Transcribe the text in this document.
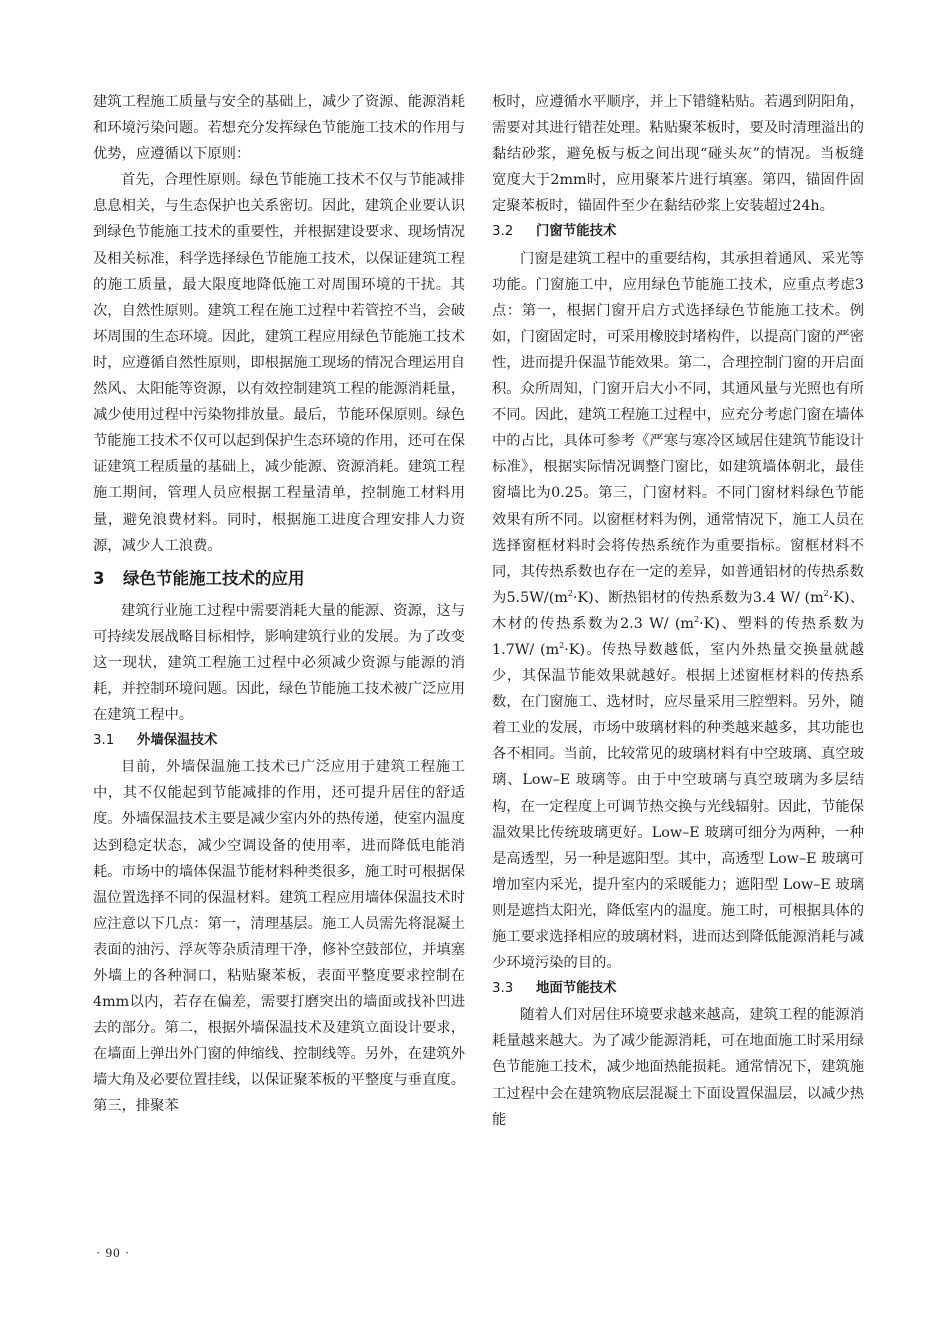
建筑工程施工质量与安全的基础上，减少了资源、能源消耗和环境污染问题。若想充分发挥绿色节能施工技术的作用与优势，应遵循以下原则：

首先，合理性原则。绿色节能施工技术不仅与节能减排息息相关，与生态保护也关系密切。因此，建筑企业要认识到绿色节能施工技术的重要性，并根据建设要求、现场情况及相关标准，科学选择绿色节能施工技术，以保证建筑工程的施工质量，最大限度地降低施工对周围环境的干扰。其次，自然性原则。建筑工程在施工过程中若管控不当，会破坏周围的生态环境。因此，建筑工程应用绿色节能施工技术时，应遵循自然性原则，即根据施工现场的情况合理运用自然风、太阳能等资源，以有效控制建筑工程的能源消耗量，减少使用过程中污染物排放量。最后，节能环保原则。绿色节能施工技术不仅可以起到保护生态环境的作用，还可在保证建筑工程质量的基础上，减少能源、资源消耗。建筑工程施工期间，管理人员应根据工程量清单，控制施工材料用量，避免浪费材料。同时，根据施工进度合理安排人力资源，减少人工浪费。

3 绿色节能施工技术的应用

建筑行业施工过程中需要消耗大量的能源、资源，这与可持续发展战略目标相悖，影响建筑行业的发展。为了改变这一现状，建筑工程施工过程中必须减少资源与能源的消耗，并控制环境问题。因此，绿色节能施工技术被广泛应用在建筑工程中。

3.1 外墙保温技术

目前，外墙保温施工技术已广泛应用于建筑工程施工中，其不仅能起到节能减排的作用，还可提升居住的舒适度。外墙保温技术主要是减少室内外的热传递，使室内温度达到稳定状态，减少空调设备的使用率，进而降低电能消耗。市场中的墙体保温节能材料种类很多，施工时可根据保温位置选择不同的保温材料。建筑工程应用墙体保温技术时应注意以下几点：第一，清理基层。施工人员需先将混凝土表面的油污、浮灰等杂质清理干净，修补空鼓部位，并填塞外墙上的各种洞口，粘贴聚苯板，表面平整度要求控制在4mm以内，若存在偏差，需要打磨突出的墙面或找补凹进去的部分。第二，根据外墙保温技术及建筑立面设计要求，在墙面上弹出外门窗的伸缩线、控制线等。另外，在建筑外墙大角及必要位置挂线，以保证聚苯板的平整度与垂直度。第三，排聚苯

板时，应遵循水平顺序，并上下错缝粘贴。若遇到阴阳角，需要对其进行错茬处理。粘贴聚苯板时，要及时清理溢出的黏结砂浆，避免板与板之间出现“碰头灰”的情况。当板缝宽度大于2mm时，应用聚苯片进行填塞。第四，锚固件固定聚苯板时，锚固件至少在黏结砂浆上安装超过24h。

3.2 门窗节能技术

门窗是建筑工程中的重要结构，其承担着通风、采光等功能。门窗施工中，应用绿色节能施工技术，应重点考虑3点：第一，根据门窗开启方式选择绿色节能施工技术。例如，门窗固定时，可采用橡胶封堵构件，以提高门窗的严密性，进而提升保温节能效果。第二，合理控制门窗的开启面积。众所周知，门窗开启大小不同，其通风量与光照也有所不同。因此，建筑工程施工过程中，应充分考虑门窗在墙体中的占比，具体可参考《严寒与寒冷区域居住建筑节能设计标准》，根据实际情况调整门窗比，如建筑墙体朝北，最佳窗墙比为0.25。第三，门窗材料。不同门窗材料绿色节能效果有所不同。以窗框材料为例，通常情况下，施工人员在选择窗框材料时会将传热系统作为重要指标。窗框材料不同，其传热系数也存在一定的差异，如普通铝材的传热系数为$5.5W/(m^2\cdot K)$、断热铝材的传热系数为3.4 W/ $(m^2\cdot K)$、木材的传热系数为2.3 W/ $(m^2\cdot K)$、塑料的传热系数为1.7W/ $(m^2\cdot K)$。传热导数越低，室内外热量交换量就越少，其保温节能效果就越好。根据上述窗框材料的传热系数，在门窗施工、选材时，应尽量采用三腔塑料。另外，随着工业的发展，市场中玻璃材料的种类越来越多，其功能也各不相同。当前，比较常见的玻璃材料有中空玻璃、真空玻璃、Low–E 玻璃等。由于中空玻璃与真空玻璃为多层结构，在一定程度上可调节热交换与光线辐射。因此，节能保温效果比传统玻璃更好。Low–E 玻璃可细分为两种，一种是高透型，另一种是遮阳型。其中，高透型 Low–E 玻璃可增加室内采光，提升室内的采暖能力；遮阳型 Low–E 玻璃则是遮挡太阳光，降低室内的温度。施工时，可根据具体的施工要求选择相应的玻璃材料，进而达到降低能源消耗与减少环境污染的目的。

3.3 地面节能技术

随着人们对居住环境要求越来越高，建筑工程的能源消耗量越来越大。为了减少能源消耗，可在地面施工时采用绿色节能施工技术，减少地面热能损耗。通常情况下，建筑施工过程中会在建筑物底层混凝土下面设置保温层，以减少热能

· 90 ·
